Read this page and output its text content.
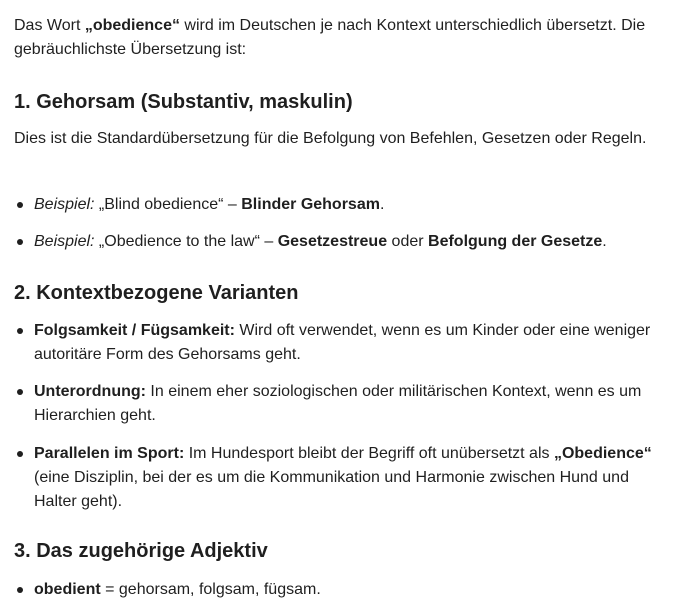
Das Wort „obedience“ wird im Deutschen je nach Kontext unterschiedlich übersetzt. Die gebräuchlichste Übersetzung ist:

1. Gehorsam (Substantiv, maskulin)

Dies ist die Standardübersetzung für die Befolgung von Befehlen, Gesetzen oder Regeln.

Beispiel: „Blind obedience“ – Blinder Gehorsam.

Beispiel: „Obedience to the law“ – Gesetzestreue oder Befolgung der Gesetze.

2. Kontextbezogene Varianten

Folgsamkeit / Fügsamkeit: Wird oft verwendet, wenn es um Kinder oder eine weniger autoritäre Form des Gehorsams geht.

Unterordnung: In einem eher soziologischen oder militärischen Kontext, wenn es um Hierarchien geht.

Parallelen im Sport: Im Hundesport bleibt der Begriff oft unübersetzt als „Obedience“ (eine Disziplin, bei der es um die Kommunikation und Harmonie zwischen Hund und Halter geht).

3. Das zugehörige Adjektiv

obedient = gehorsam, folgsam, fügsam.
